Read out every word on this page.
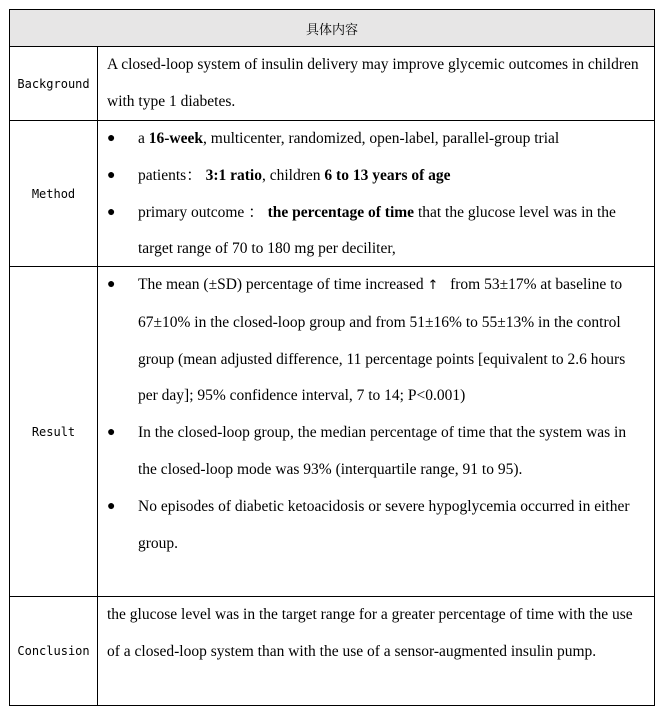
具体内容
Background
A closed-loop system of insulin delivery may improve glycemic outcomes in children with type 1 diabetes.
Method
●	a 16-week, multicenter, randomized, open-label, parallel-group trial
●	patients： 3:1 ratio, children 6 to 13 years of age
●	primary outcome ： the percentage of time that the glucose level was in the target range of 70 to 180 mg per deciliter,
Result
●	The mean (±SD) percentage of time increased ↑ from 53±17% at baseline to 67±10% in the closed-loop group and from 51±16% to 55±13% in the control group (mean adjusted difference, 11 percentage points [equivalent to 2.6 hours per day]; 95% confidence interval, 7 to 14; P<0.001)
●	In the closed-loop group, the median percentage of time that the system was in the closed-loop mode was 93% (interquartile range, 91 to 95).
●	No episodes of diabetic ketoacidosis or severe hypoglycemia occurred in either group.
Conclusion
the glucose level was in the target range for a greater percentage of time with the use of a closed-loop system than with the use of a sensor-augmented insulin pump.
